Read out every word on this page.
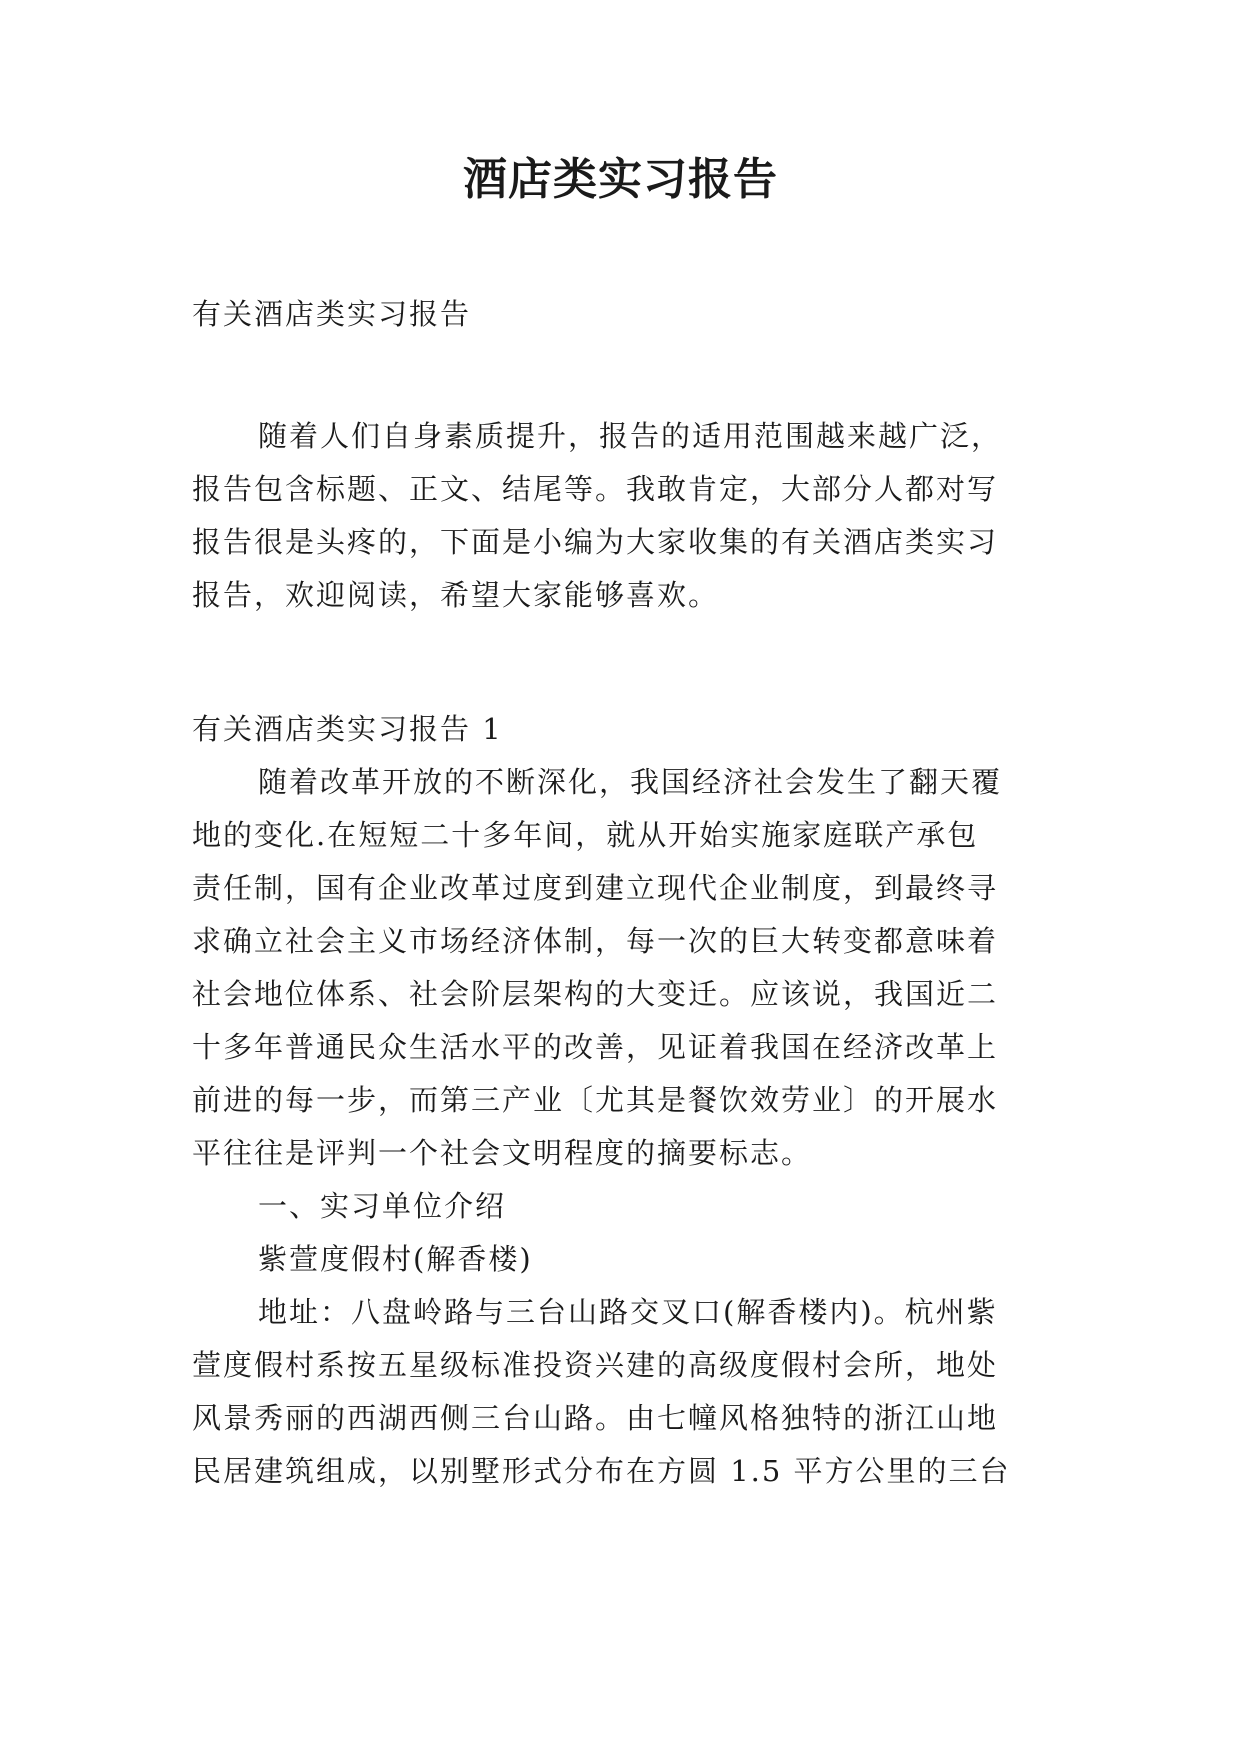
酒店类实习报告
有关酒店类实习报告
随着人们自身素质提升，报告的适用范围越来越广泛，
报告包含标题、正文、结尾等。我敢肯定，大部分人都对写
报告很是头疼的，下面是小编为大家收集的有关酒店类实习
报告，欢迎阅读，希望大家能够喜欢。
有关酒店类实习报告 1
随着改革开放的不断深化，我国经济社会发生了翻天覆
地的变化.在短短二十多年间，就从开始实施家庭联产承包
责任制，国有企业改革过度到建立现代企业制度，到最终寻
求确立社会主义市场经济体制，每一次的巨大转变都意味着
社会地位体系、社会阶层架构的大变迁。应该说，我国近二
十多年普通民众生活水平的改善，见证着我国在经济改革上
前进的每一步，而第三产业〔尤其是餐饮效劳业〕的开展水
平往往是评判一个社会文明程度的摘要标志。
一、实习单位介绍
紫萱度假村(解香楼)
地址：八盘岭路与三台山路交叉口(解香楼内)。杭州紫
萱度假村系按五星级标准投资兴建的高级度假村会所，地处
风景秀丽的西湖西侧三台山路。由七幢风格独特的浙江山地
民居建筑组成，以别墅形式分布在方圆 1.5 平方公里的三台
